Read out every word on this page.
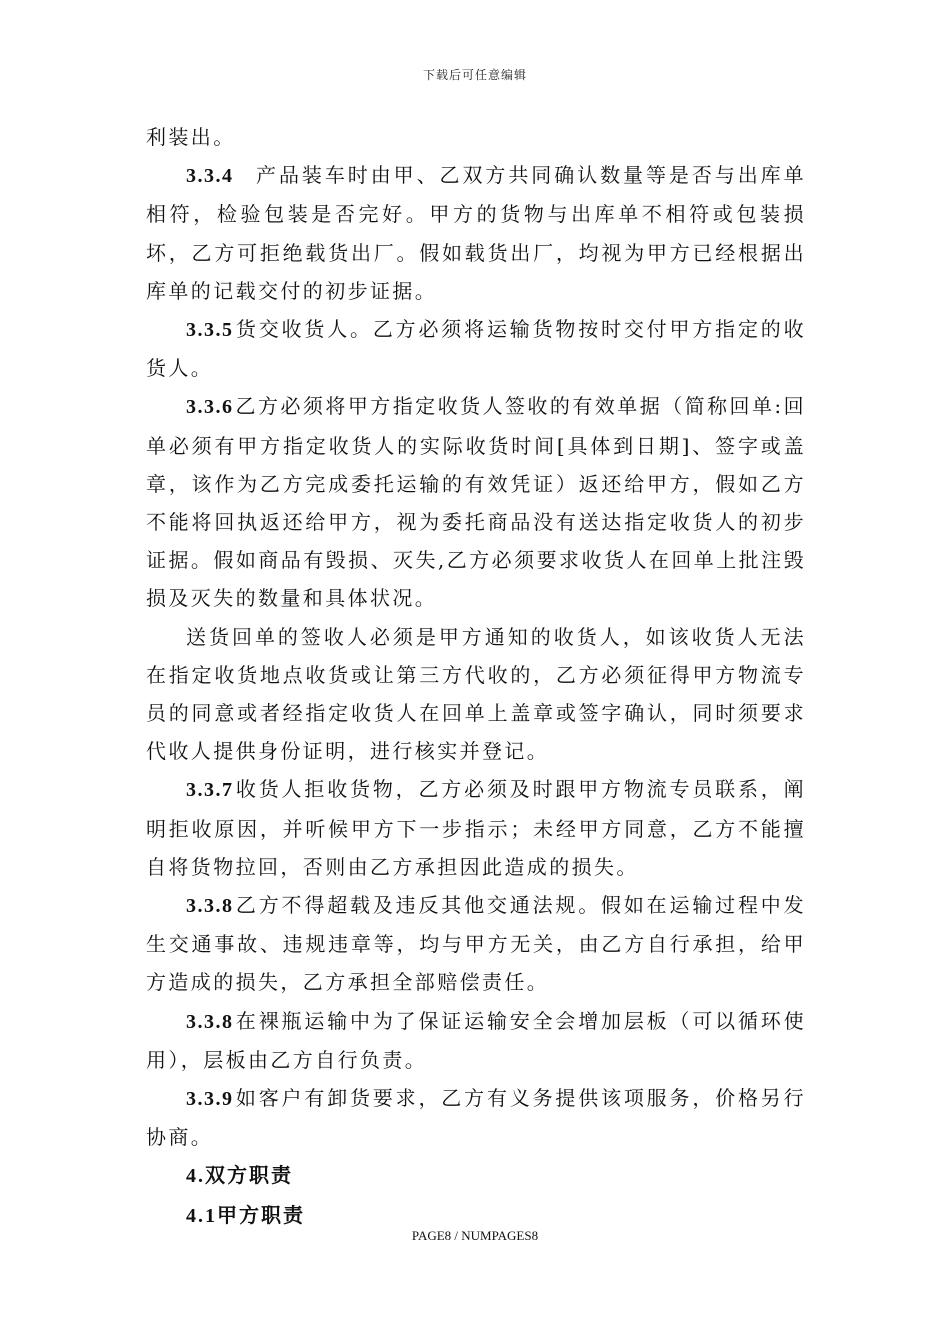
下载后可任意编辑

利装出。

3.3.4 产品装车时由甲、乙双方共同确认数量等是否与出库单相符，检验包装是否完好。甲方的货物与出库单不相符或包装损坏，乙方可拒绝载货出厂。假如载货出厂，均视为甲方已经根据出库单的记载交付的初步证据。

3.3.5 货交收货人。乙方必须将运输货物按时交付甲方指定的收货人。

3.3.6 乙方必须将甲方指定收货人签收的有效单据（简称回单:回单必须有甲方指定收货人的实际收货时间[具体到日期]、签字或盖章，该作为乙方完成委托运输的有效凭证）返还给甲方，假如乙方不能将回执返还给甲方，视为委托商品没有送达指定收货人的初步证据。假如商品有毁损、灭失,乙方必须要求收货人在回单上批注毁损及灭失的数量和具体状况。

送货回单的签收人必须是甲方通知的收货人，如该收货人无法在指定收货地点收货或让第三方代收的，乙方必须征得甲方物流专员的同意或者经指定收货人在回单上盖章或签字确认，同时须要求代收人提供身份证明，进行核实并登记。

3.3.7 收货人拒收货物，乙方必须及时跟甲方物流专员联系，阐明拒收原因，并听候甲方下一步指示；未经甲方同意，乙方不能擅自将货物拉回，否则由乙方承担因此造成的损失。

3.3.8 乙方不得超载及违反其他交通法规。假如在运输过程中发生交通事故、违规违章等，均与甲方无关，由乙方自行承担，给甲方造成的损失，乙方承担全部赔偿责任。

3.3.8 在裸瓶运输中为了保证运输安全会增加层板（可以循环使用），层板由乙方自行负责。

3.3.9 如客户有卸货要求，乙方有义务提供该项服务，价格另行协商。

4.双方职责

4.1甲方职责

PAGE8 / NUMPAGES8
